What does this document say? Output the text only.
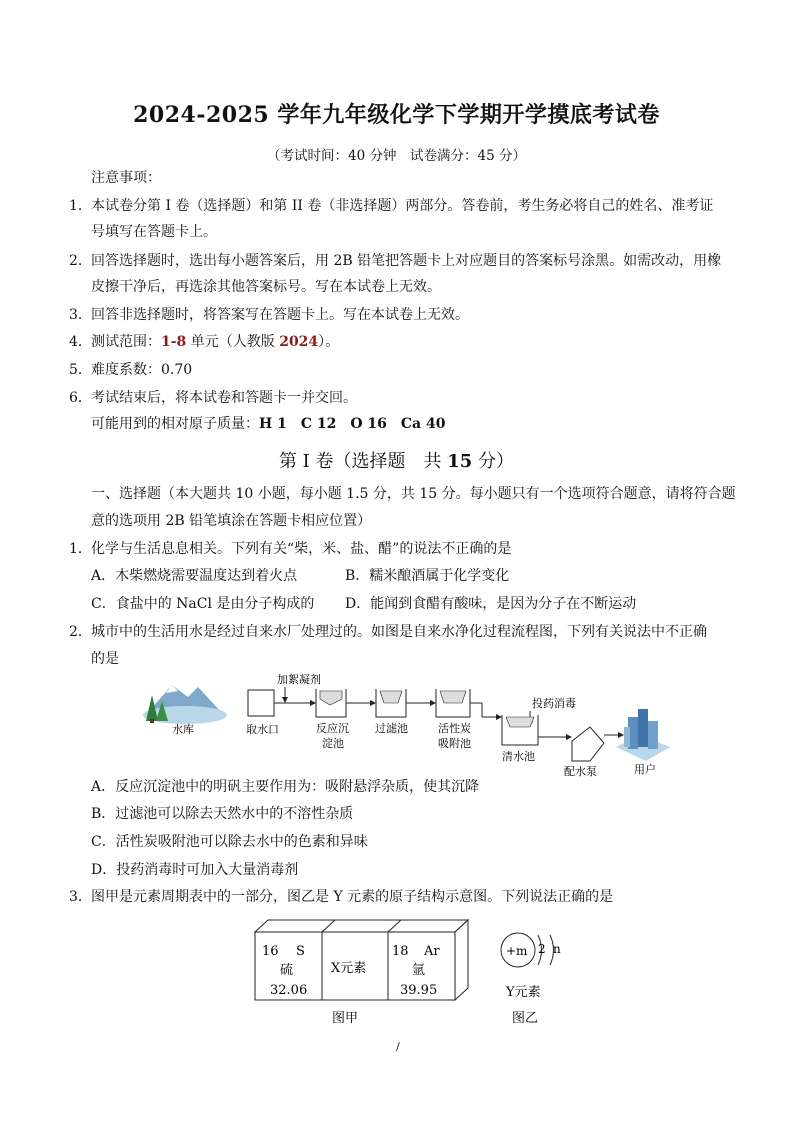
2024-2025 学年九年级化学下学期开学摸底考试卷
（考试时间：40 分钟　试卷满分：45 分）
注意事项：
1．本试卷分第 I 卷（选择题）和第 II 卷（非选择题）两部分。答卷前，考生务必将自己的姓名、准考证
号填写在答题卡上。
2．回答选择题时，选出每小题答案后，用 2B 铅笔把答题卡上对应题目的答案标号涂黑。如需改动，用橡
皮擦干净后，再选涂其他答案标号。写在本试卷上无效。
3．回答非选择题时，将答案写在答题卡上。写在本试卷上无效。
4．测试范围：1-8 单元（人教版 2024）。
5．难度系数：0.70
6．考试结束后，将本试卷和答题卡一并交回。
可能用到的相对原子质量：H 1　C 12　O 16　Ca 40
第 I 卷（选择题　共 15 分）
一、选择题（本大题共 10 小题，每小题 1.5 分，共 15 分。每小题只有一个选项符合题意，请将符合题
意的选项用 2B 铅笔填涂在答题卡相应位置）
1．化学与生活息息相关。下列有关“柴，米、盐、醋”的说法不正确的是
A．木柴燃烧需要温度达到着火点	B．糯米酿酒属于化学变化
C．食盐中的 NaCl 是由分子构成的 D．能闻到食醋有酸味，是因为分子在不断运动
2．城市中的生活用水是经过自来水厂处理过的。如图是自来水净化过程流程图，下列有关说法中不正确
的是
水库	取水口
加絮凝剂
反应沉
淀池
过滤池	活性炭
吸附池
投药消毒
清水池
配水泵	用户
A．反应沉淀池中的明矾主要作用为：吸附悬浮杂质，使其沉降
B．过滤池可以除去天然水中的不溶性杂质
C．活性炭吸附池可以除去水中的色素和异味
D．投药消毒时可加入大量消毒剂
3．图甲是元素周期表中的一部分，图乙是 Y 元素的原子结构示意图。下列说法正确的是
16 S
硫
32.06
X元素
18 Ar
氩
39.95
图甲
+m 2 n
Y元素
图乙
/
